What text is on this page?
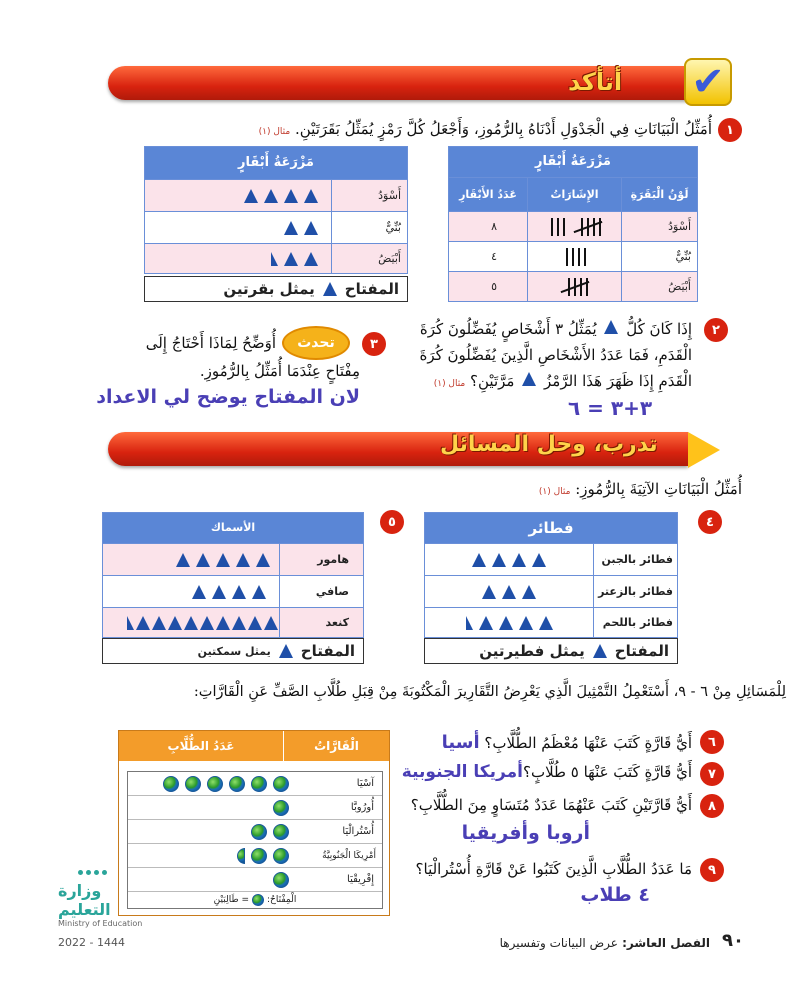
أتأكد ✔
١
أُمَثِّلُ الْبَيَانَاتِ فِي الْجَدْوَلِ أَدْنَاهُ بِالرُّمُوزِ، وَأَجْعَلُ كُلَّ رَمْزٍ يُمَثِّلُ بَقَرَتَيْنِ. مثال (١)
مَزْرَعَةُ أَبْقَارٍ
لَوْنُ الْبَقَرَةِ
الإِشَارَاتُ
عَدَدُ الأَبْقَارِ
أَسْوَدُ
٨
بُنِّيٌّ
٤
أَبْيَضُ
٥
مَزْرَعَةُ أَبْقَارٍ
أَسْوَدُ
بُنِّيٌّ
أَبْيَضُ
المفتاح
يمثل بقرتين
٢
إِذَا كَانَ كُلُّ  يُمَثِّلُ ٣ أَشْخَاصٍ يُفَضِّلُونَ كُرَةَ
الْقَدَمِ، فَمَا عَدَدُ الأَشْخَاصِ الَّذِينَ يُفَضِّلُونَ كُرَةَ
الْقَدَمِ إِذَا ظَهَرَ هَذَا الرَّمْزُ  مَرَّتَيْنِ؟ مثال (١)
٣+٣ = ٦
٣
تحدث
أُوَضِّحُ لِمَاذَا أَحْتَاجُ إِلَى
مِفْتَاحٍ عِنْدَمَا أُمَثِّلُ بِالرُّمُوزِ.
لان المفتاح يوضح لي الاعداد
تدرب، وحل المسائل
أُمَثِّلُ الْبَيَانَاتِ الآتِيَةَ بِالرُّمُوزِ: مثال (١)
٤
فطائر
فطائر بالجبن
فطائر بالزعتر
فطائر باللحم
المفتاح
يمثل فطيرتين
٥
الأسماك
هامور
صافي
كنعد
المفتاح
يمثل سمكتين
لِلْمَسَائِلِ مِنْ ٦ - ٩، أَسْتَعْمِلُ التَّمْثِيلَ الَّذِي يَعْرِضُ التَّقَارِيرَ الْمَكْتُوبَةَ مِنْ قِبَلِ طُلَّابِ الصَّفِّ عَنِ الْقَارَّاتِ:
الْقَارَّاتُ
عَدَدُ الطُّلَّابِ
آسْيَا
أُورُوبَّا
أُسْتُرالْيَا
أَمْرِيكَا الْجَنُوبِيَّةُ
إِفْرِيقْيَا
الْمِفْتَاحُ:
= طَالِبَيْنِ
٦
أَيُّ قَارَّةٍ كَتَبَ عَنْهَا مُعْظَمُ الطُّلَّابِ؟ أسيا
٧
أَيُّ قَارَّةٍ كَتَبَ عَنْهَا ٥ طُلَّابٍ؟أمريكا الجنوبية
٨
أَيُّ قَارَّتَيْنِ كَتَبَ عَنْهُمَا عَدَدٌ مُتَسَاوٍ مِنَ الطُّلَّابِ؟
أروبا وأفريقيا
٩
مَا عَدَدُ الطُّلَّابِ الَّذِينَ كَتَبُوا عَنْ قَارَّةِ أُسْتُرالْيَا؟
٤ طلاب
وزارة التعليم
Ministry of Education
2022 - 1444	الفصل العاشر: عرض البيانات وتفسيرها	٩٠
